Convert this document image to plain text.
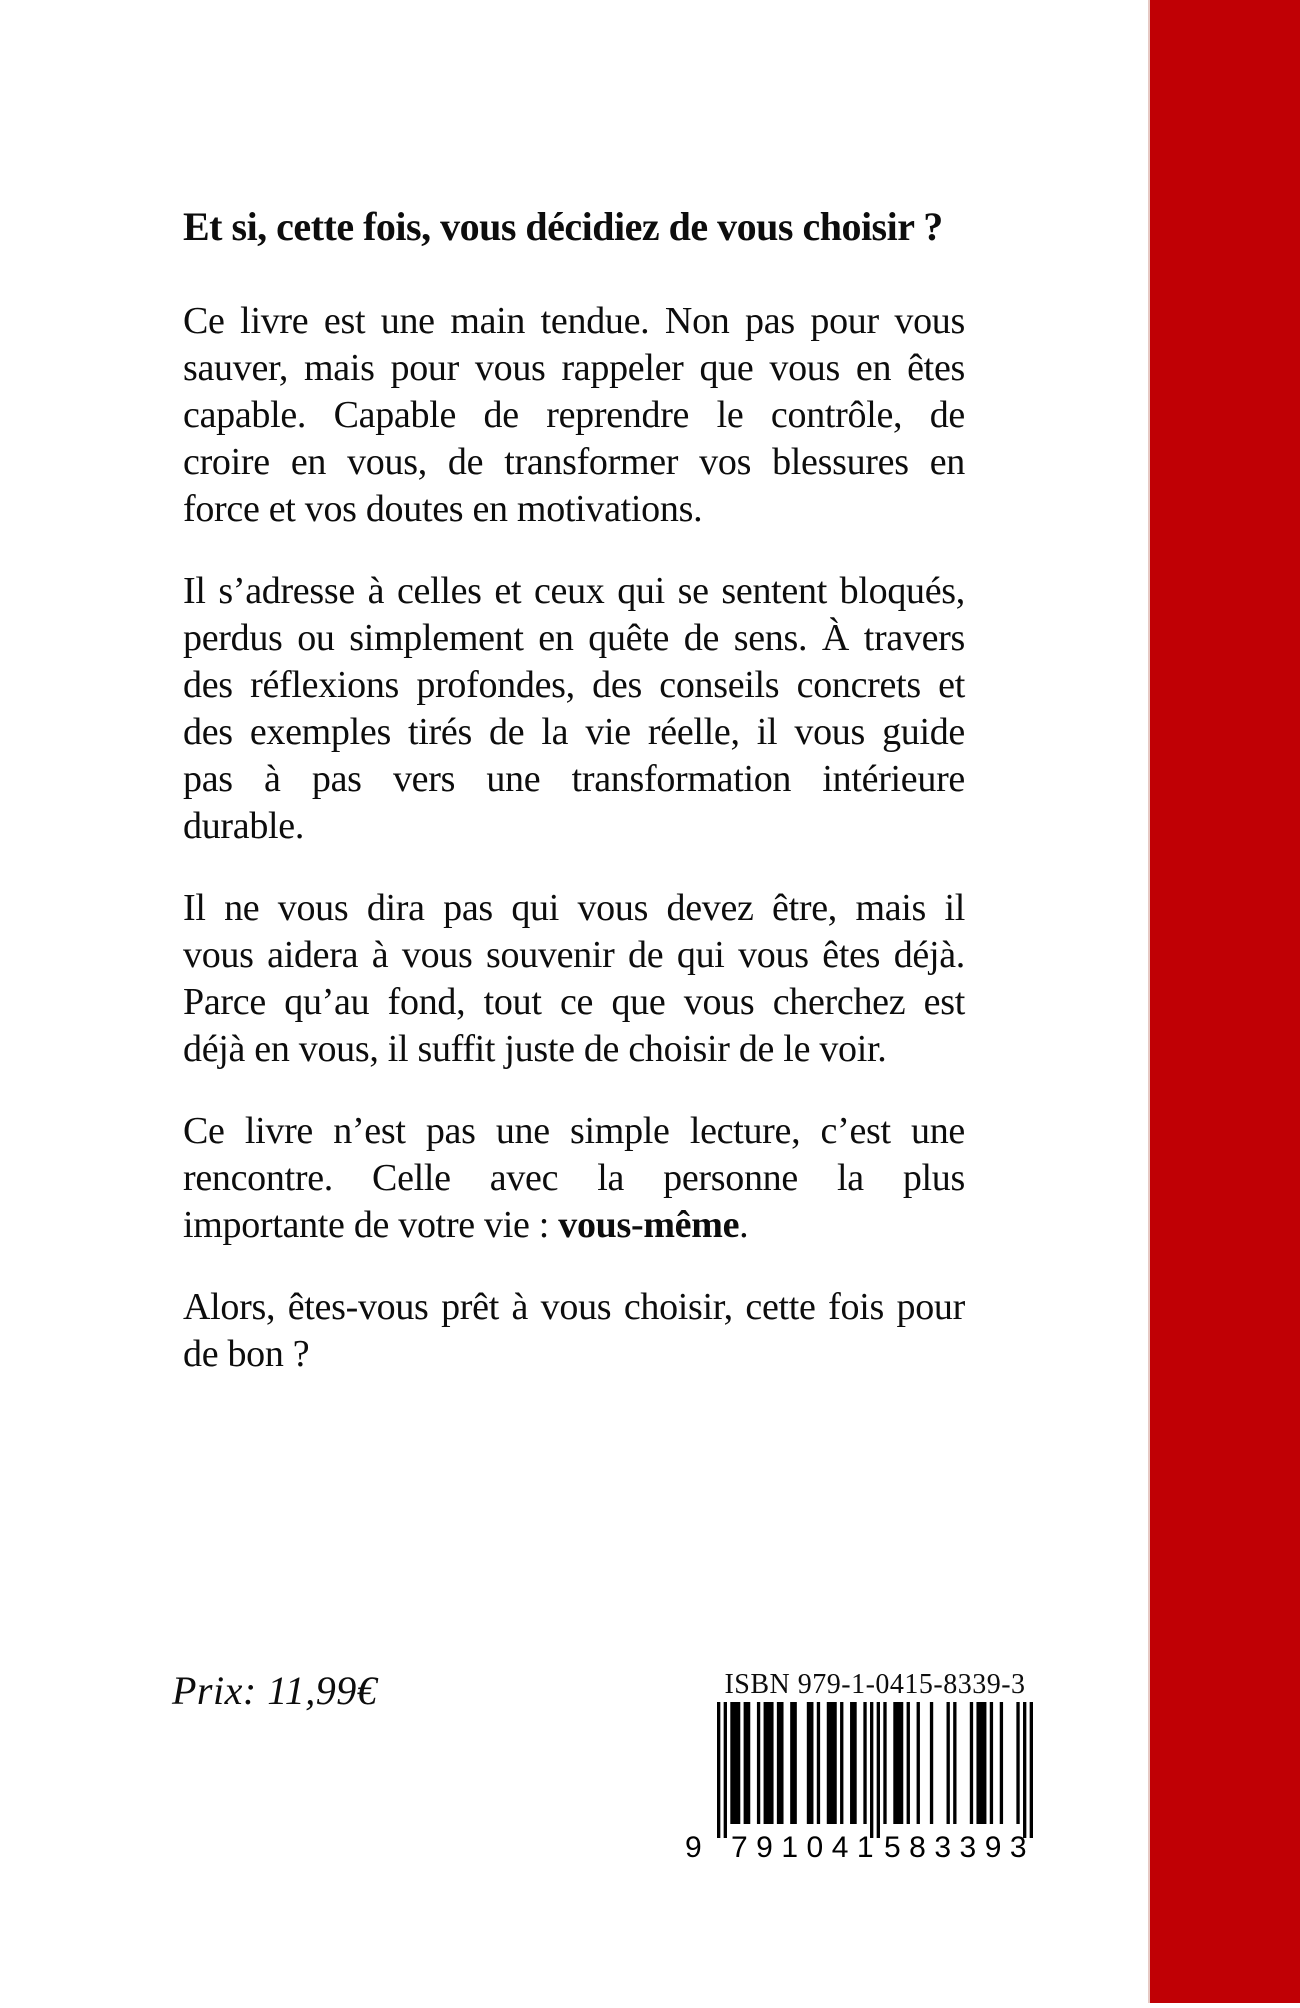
Et si, cette fois, vous décidiez de vous choisir ?
Ce livre est une main tendue. Non pas pour vous
sauver, mais pour vous rappeler que vous en êtes
capable. Capable de reprendre le contrôle, de
croire en vous, de transformer vos blessures en
force et vos doutes en motivations.
Il s’adresse à celles et ceux qui se sentent bloqués,
perdus ou simplement en quête de sens. À travers
des réflexions profondes, des conseils concrets et
des exemples tirés de la vie réelle, il vous guide
pas à pas vers une transformation intérieure
durable.
Il ne vous dira pas qui vous devez être, mais il
vous aidera à vous souvenir de qui vous êtes déjà.
Parce qu’au fond, tout ce que vous cherchez est
déjà en vous, il suffit juste de choisir de le voir.
Ce livre n’est pas une simple lecture, c’est une
rencontre. Celle avec la personne la plus
importante de votre vie : vous-même.
Alors, êtes-vous prêt à vous choisir, cette fois pour
de bon ?
Prix: 11,99€	ISBN 979-1-0415-8339-3
9 791041 583393
